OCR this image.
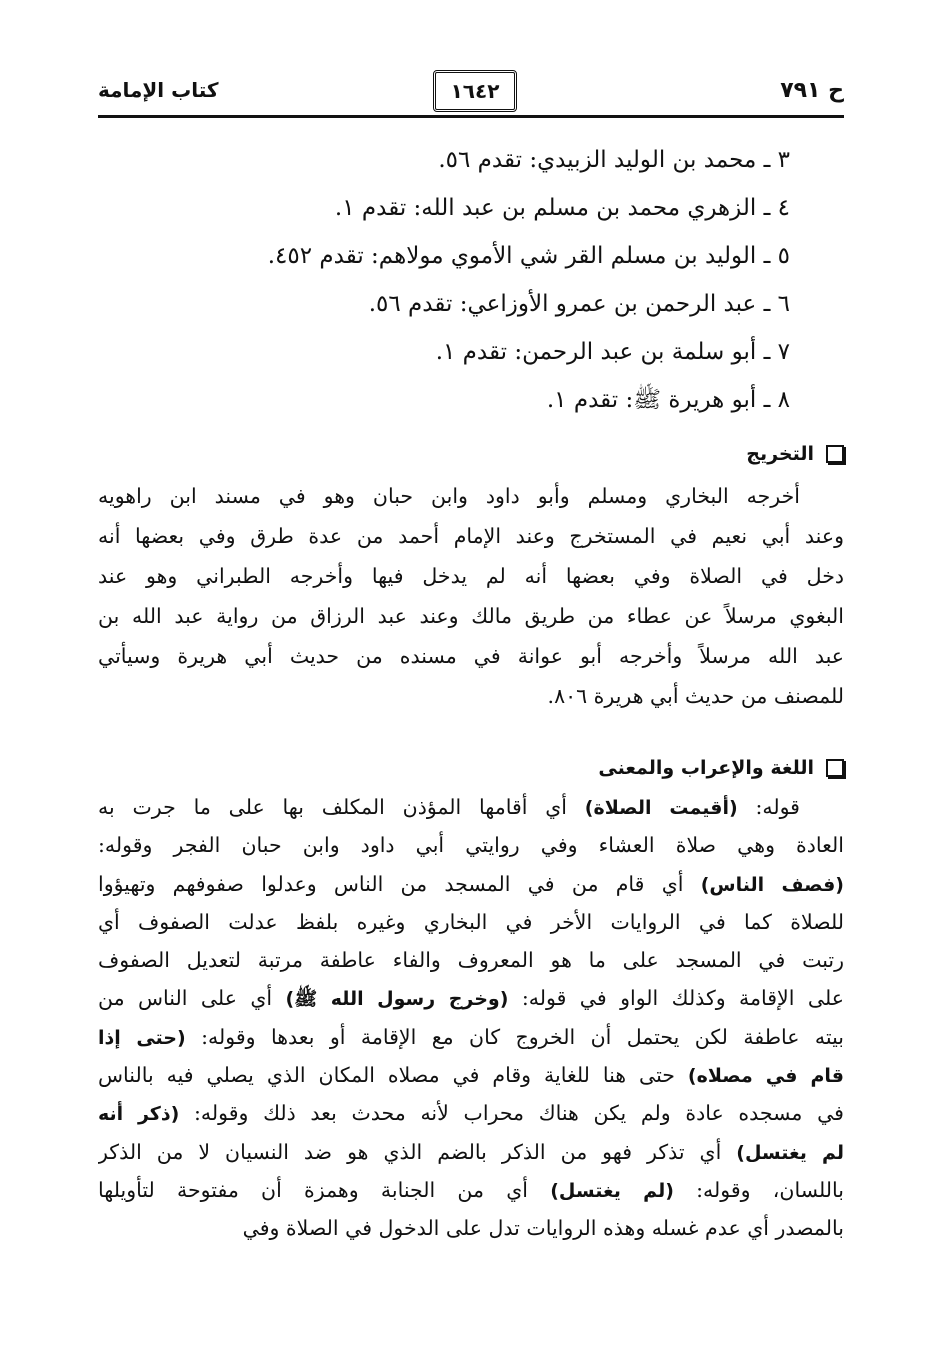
ح ٧٩١
١٦٤٢
كتاب الإمامة
٣ ـ محمد بن الوليد الزبيدي: تقدم ٥٦.
٤ ـ الزهري محمد بن مسلم بن عبد الله: تقدم ١.
٥ ـ الوليد بن مسلم القر شي الأموي مولاهم: تقدم ٤٥٢.
٦ ـ عبد الرحمن بن عمرو الأوزاعي: تقدم ٥٦.
٧ ـ أبو سلمة بن عبد الرحمن: تقدم ١.
٨ ـ أبو هريرة ﷺ: تقدم ١.
التخريج
أخرجه البخاري ومسلم وأبو داود وابن حبان وهو في مسند ابن راهويه
وعند أبي نعيم في المستخرج وعند الإمام أحمد من عدة طرق وفي بعضها أنه
دخل في الصلاة وفي بعضها أنه لم يدخل فيها وأخرجه الطبراني وهو عند
البغوي مرسلاً عن عطاء من طريق مالك وعند عبد الرزاق من رواية عبد الله بن
عبد الله مرسلاً وأخرجه أبو عوانة في مسنده من حديث أبي هريرة وسيأتي
للمصنف من حديث أبي هريرة ٨٠٦.
اللغة والإعراب والمعنى
قوله: (أقيمت الصلاة) أي أقامها المؤذن المكلف بها على ما جرت به
العادة وهي صلاة العشاء وفي روايتي أبي داود وابن حبان الفجر وقوله:
(فصف الناس) أي قام من في المسجد من الناس وعدلوا صفوفهم وتهيؤوا
للصلاة كما في الروايات الأخر في البخاري وغيره بلفظ عدلت الصفوف أي
رتبت في المسجد على ما هو المعروف والفاء عاطفة مرتبة لتعديل الصفوف
على الإقامة وكذلك الواو في قوله: (وخرج رسول الله ﷺ) أي على الناس من
بيته عاطفة لكن يحتمل أن الخروج كان مع الإقامة أو بعدها وقوله: (حتى إذا
قام في مصلاه) حتى هنا للغاية وقام في مصلاه المكان الذي يصلي فيه بالناس
في مسجده عادة ولم يكن هناك محراب لأنه محدث بعد ذلك وقوله: (ذكر أنه
لم يغتسل) أي تذكر فهو من الذكر بالضم الذي هو ضد النسيان لا من الذكر
باللسان، وقوله: (لم يغتسل) أي من الجنابة وهمزة أن مفتوحة لتأويلها
بالمصدر أي عدم غسله وهذه الروايات تدل على الدخول في الصلاة وفي
